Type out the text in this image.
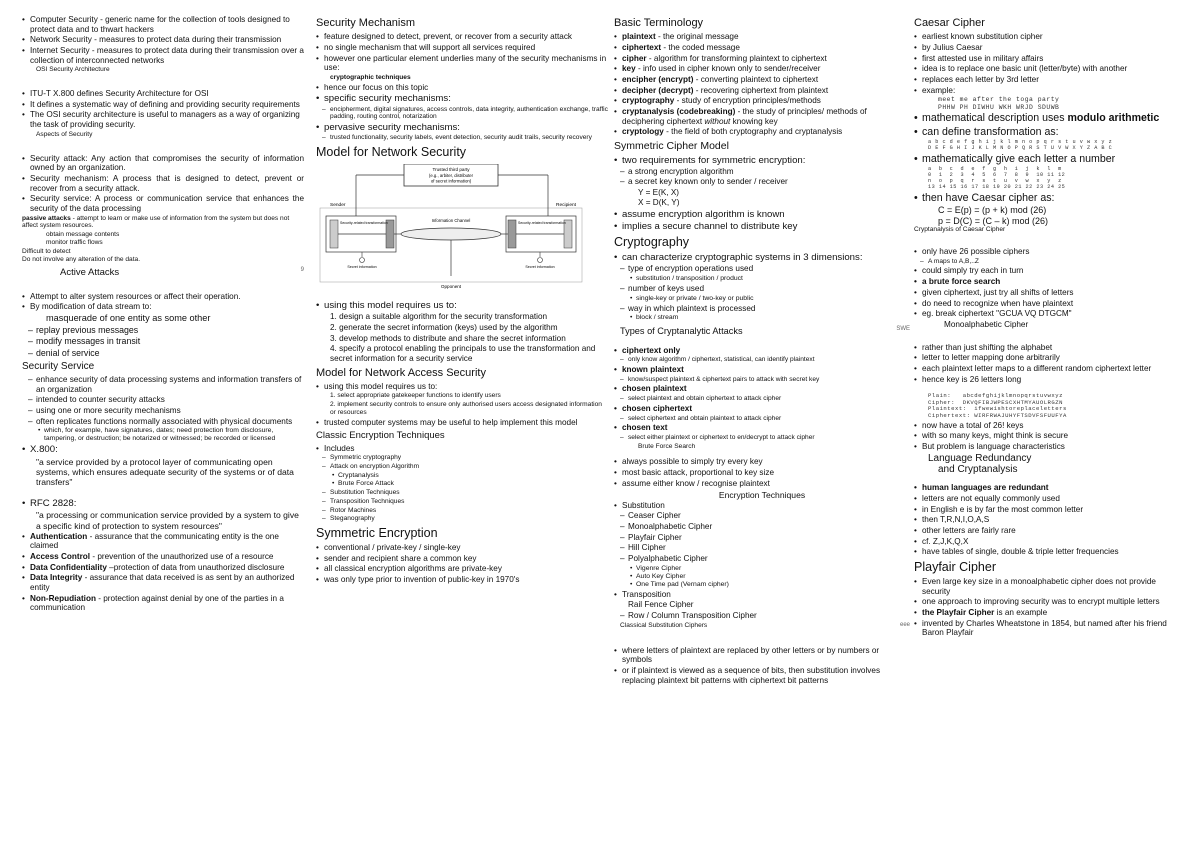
• Computer Security - generic name for the collection of tools designed to protect data and to thwart hackers
• Network Security - measures to protect data during their transmission
• Internet Security - measures to protect data during their transmission over a collection of interconnected networks
OSI Security Architecture
• ITU-T X.800 defines Security Architecture for OSI
• It defines a systematic way of defining and providing security requirements
• The OSI security architecture is useful to managers as a way of organizing the task of providing security.
Aspects of Security
• Security attack: Any action that compromises the security of information owned by an organization.
• Security mechanism: A process that is designed to detect, prevent or recover from a security attack.
• Security service: A process or communication service that enhances the security of the data processing
passive attacks - attempt to learn or make use of information from the system but does not affect system resources.
obtain message contents
monitor traffic flows
Difficult to detect
Do not involve any alteration of the data.
Active Attacks	9
• Attempt to alter system resources or affect their operation.
• By modification of data stream to:
masquerade of one entity as some other
– replay previous messages
– modify messages in transit
– denial of service
Security Service
– enhance security of data processing systems and information transfers of an organization
– intended to counter security attacks
– using one or more security mechanisms
– often replicates functions normally associated with physical documents
• which, for example, have signatures, dates; need protection from disclosure, tampering, or destruction; be notarized or witnessed; be recorded or licensed
• X.800:
"a service provided by a protocol layer of communicating open systems, which ensures adequate security of the systems or of data transfers"
• RFC 2828:
"a processing or communication service provided by a system to give a specific kind of protection to system resources"
• Authentication - assurance that the communicating entity is the one claimed
• Access Control - prevention of the unauthorized use of a resource
• Data Confidentiality –protection of data from unauthorized disclosure
• Data Integrity - assurance that data received is as sent by an authorized entity
• Non-Repudiation - protection against denial by one of the parties in a communication
Security Mechanism
• feature designed to detect, prevent, or recover from a security attack
• no single mechanism that will support all services required
• however one particular element underlies many of the security mechanisms in use:
cryptographic techniques
• hence our focus on this topic
• specific security mechanisms:
– encipherment, digital signatures, access controls, data integrity, authentication exchange, traffic padding, routing control, notarization
• pervasive security mechanisms:
– trusted functionality, security labels, event detection, security audit trails, security recovery
Model for Network Security
Trusted third party
(e.g., arbiter, distributer
of secret information)
Sender	Recipient
Security-related transformation	Security-related transformation
Information Channel
Secret information	Secret information
Opponent
• using this model requires us to:
1. design a suitable algorithm for the security transformation
2. generate the secret information (keys) used by the algorithm
3. develop methods to distribute and share the secret information
4. specify a protocol enabling the principals to use the transformation and secret information for a security service
Model for Network Access Security
• using this model requires us to:
1. select appropriate gatekeeper functions to identify users
2. implement security controls to ensure only authorised users access designated information or resources
• trusted computer systems may be useful to help implement this model
Classic Encryption Techniques
• Includes
– Symmetric cryptography
– Attack on encryption Algorithm
• Cryptanalysis
• Brute Force Attack
– Substitution Techniques
– Transposition Techniques
– Rotor Machines
– Steganography
Symmetric Encryption
• conventional / private-key / single-key
• sender and recipient share a common key
• all classical encryption algorithms are private-key
• was only type prior to invention of public-key in 1970's
Basic Terminology
• plaintext - the original message
• ciphertext - the coded message
• cipher - algorithm for transforming plaintext to ciphertext
• key - info used in cipher known only to sender/receiver
• encipher (encrypt) - converting plaintext to ciphertext
• decipher (decrypt) - recovering ciphertext from plaintext
• cryptography - study of encryption principles/methods
• cryptanalysis (codebreaking) - the study of principles/ methods of deciphering ciphertext without knowing key
• cryptology - the field of both cryptography and cryptanalysis
Symmetric Cipher Model
• two requirements for symmetric encryption:
– a strong encryption algorithm
– a secret key known only to sender / receiver
Y = E(K, X)
X = D(K, Y)
• assume encryption algorithm is known
• implies a secure channel to distribute key
Cryptography
• can characterize cryptographic systems in 3 dimensions:
– type of encryption operations used
• substitution / transposition / product
– number of keys used
• single-key or private / two-key or public
– way in which plaintext is processed
• block / stream
Types of Cryptanalytic Attacks	SWE
• ciphertext only
– only know algorithm / ciphertext, statistical, can identify plaintext
• known plaintext
– know/suspect plaintext & ciphertext pairs to attack with secret key
• chosen plaintext
– select plaintext and obtain ciphertext to attack cipher
• chosen ciphertext
– select ciphertext and obtain plaintext to attack cipher
• chosen text
– select either plaintext or ciphertext to en/decrypt to attack cipher
Brute Force Search
• always possible to simply try every key
• most basic attack, proportional to key size
• assume either know / recognise plaintext
Encryption Techniques
• Substitution
– Ceaser Cipher
– Monoalphabetic Cipher
– Playfair Cipher
– Hill Cipher
– Polyalphabetic Cipher
• Vigenre Cipher
• Auto Key Cipher
• One Time pad (Vernam cipher)
• Transposition
Rail Fence Cipher
– Row / Column Transposition Cipher
Classical Substitution Ciphers	eee
• where letters of plaintext are replaced by other letters or by numbers or symbols
• or if plaintext is viewed as a sequence of bits, then substitution involves replacing plaintext bit patterns with ciphertext bit patterns
Caesar Cipher
• earliest known substitution cipher
• by Julius Caesar
• first attested use in military affairs
• idea is to replace one basic unit (letter/byte) with another
• replaces each letter by 3rd letter
• example:
meet me after the toga party
PHHW PH DIWHU WKH WRJD SDUWB
• mathematical description uses modulo arithmetic
• can define transformation as:
a b c d e f g h i j k l m n o p q r s t u v w x y z
D E F G H I J K L M N O P Q R S T U V W X Y Z A B C
• mathematically give each letter a number
a  b  c  d  e  f  g  h  i  j  k  l  m
0  1  2  3  4  5  6  7  8  9  10 11 12
n  o  p  q  r  s  t  u  v  w  x  y  z
13 14 15 16 17 18 19 20 21 22 23 24 25
• then have Caesar cipher as:
C = E(p) = (p + k) mod (26)
p = D(C) = (C – k) mod (26)
Cryptanalysis of Caesar Cipher
• only have 26 possible ciphers
– A maps to A,B,..Z
• could simply try each in turn
• a brute force search
• given ciphertext, just try all shifts of letters
• do need to recognize when have plaintext
• eg. break ciphertext "GCUA VQ DTGCM"
Monoalphabetic Cipher
• rather than just shifting the alphabet
• letter to letter mapping done arbitrarily
• each plaintext letter maps to a different random ciphertext letter
• hence key is 26 letters long
Plain:   abcdefghijklmnopqrstuvwxyz
Cipher:  DKVQFIBJWPESCXHTMYAUOLRGZN
Plaintext:  ifwewishtoreplaceletters
Ciphertext: WIRFRWAJUHYFTSDVFSFUUFYA
• now have a total of 26! keys
• with so many keys, might think is secure
• But problem is language characteristics
Language Redundancy
and Cryptanalysis
• human languages are redundant
• letters are not equally commonly used
• in English e is by far the most common letter
• then T,R,N,I,O,A,S
• other letters are fairly rare
• cf. Z,J,K,Q,X
• have tables of single, double & triple letter frequencies
Playfair Cipher
• Even large key size in a monoalphabetic cipher does not provide security
• one approach to improving security was to encrypt multiple letters
• the Playfair Cipher is an example
• invented by Charles Wheatstone in 1854, but named after his friend Baron Playfair
